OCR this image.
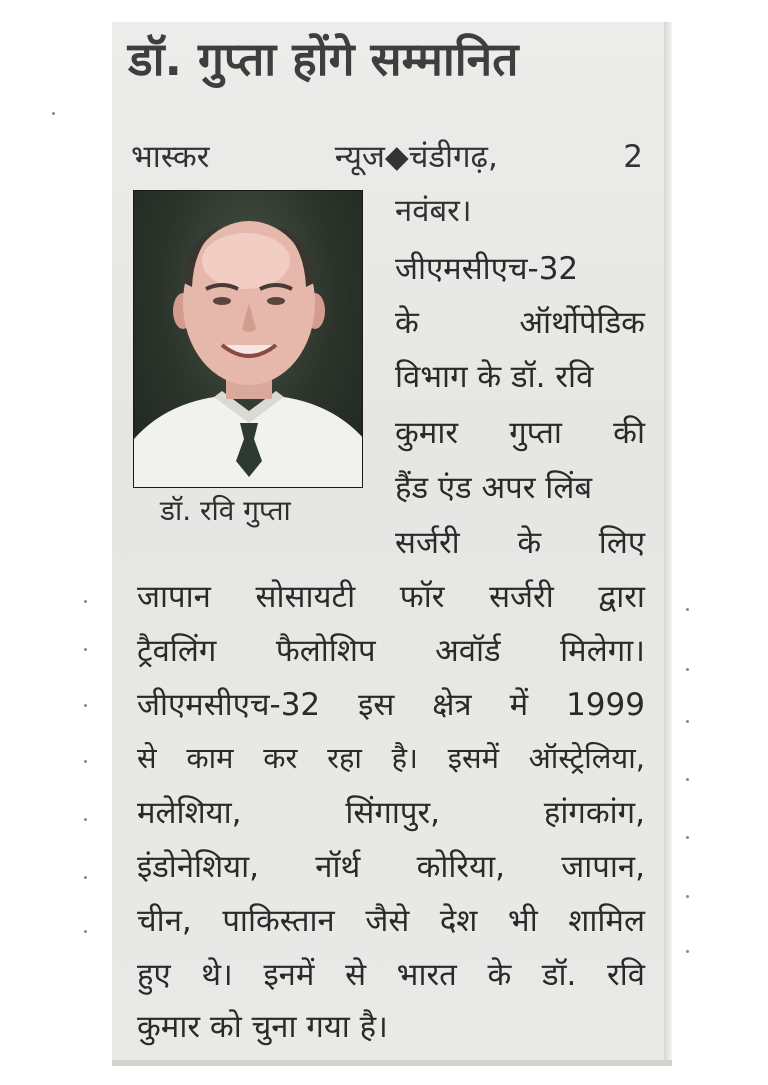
डॉ. गुप्ता होंगे सम्मानित
भास्कर	न्यूज◆चंडीगढ़,	2
नवंबर।
डॉ. रवि गुप्ता
जीएमसीएच-32
के	ऑर्थोपेडिक
विभाग के डॉ. रवि
कुमार गुप्ता की
हैंड एंड अपर लिंब
सर्जरी के लिए
जापान सोसायटी फॉर सर्जरी द्वारा
ट्रैवलिंग फैलोशिप अवॉर्ड मिलेगा।
जीएमसीएच-32 इस क्षेत्र में 1999
से काम कर रहा है। इसमें ऑस्ट्रेलिया,
मलेशिया,	सिंगापुर,	हांगकांग,
इंडोनेशिया, नॉर्थ कोरिया, जापान,
चीन, पाकिस्तान जैसे देश भी शामिल
हुए थे। इनमें से भारत के डॉ. रवि
कुमार को चुना गया है।
